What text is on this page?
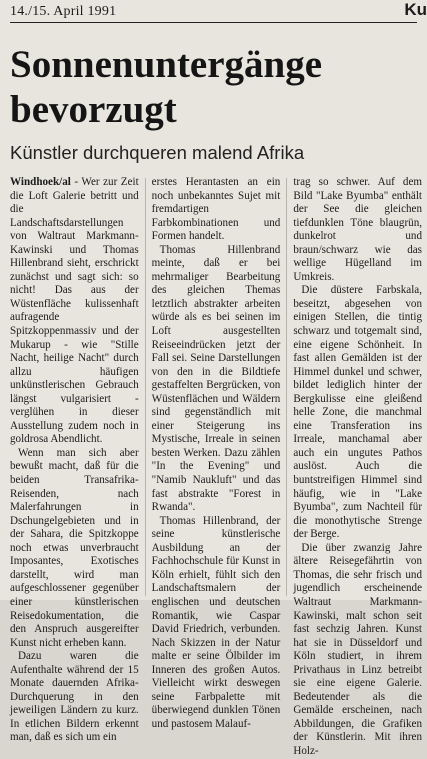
14./15. April 1991	Ku
Sonnenuntergänge
bevorzugt
Künstler durchqueren malend Afrika

Windhoek/al - Wer zur Zeit die Loft Galerie betritt und die Landschaftsdarstellungen von Waltraut Markmann-Kawinski und Thomas Hillenbrand sieht, erschrickt zunächst und sagt sich: so nicht! Das aus der Wüstenfläche kulissenhaft aufragende Spitzkoppenmassiv und der Mukarup - wie "Stille Nacht, heilige Nacht" durch allzu häufigen unkünstlerischen Gebrauch längst vulgarisiert - verglühen in dieser Ausstellung zudem noch in goldrosa Abendlicht.

Wenn man sich aber bewußt macht, daß für die beiden Transafrika-Reisenden, nach Malerfahrungen in Dschungelgebieten und in der Sahara, die Spitzkoppe noch etwas unverbraucht Imposantes, Exotisches darstellt, wird man aufgeschlossener gegenüber einer künstlerischen Reisedokumentation, die den Anspruch ausgereifter Kunst nicht erheben kann.

Dazu waren die Aufenthalte während der 15 Monate dauernden Afrika-Durchquerung in den jeweiligen Ländern zu kurz. In etlichen Bildern erkennt man, daß es sich um ein

erstes Herantasten an ein noch unbekanntes Sujet mit fremdartigen Farbkombinationen und Formen handelt.

Thomas Hillenbrand meinte, daß er bei mehrmaliger Bearbeitung des gleichen Themas letztlich abstrakter arbeiten würde als es bei seinen im Loft ausgestellten Reiseeindrücken jetzt der Fall sei. Seine Darstellungen von den in die Bildtiefe gestaffelten Bergrücken, von Wüstenflächen und Wäldern sind gegenständlich mit einer Steigerung ins Mystische, Irreale in seinen besten Werken. Dazu zählen "In the Evening" und "Namib Naukluft" und das fast abstrakte "Forest in Rwanda".

Thomas Hillenbrand, der seine künstlerische Ausbildung an der Fachhochschule für Kunst in Köln erhielt, fühlt sich den Landschaftsmalern der englischen und deutschen Romantik, wie Caspar David Friedrich, verbunden. Nach Skizzen in der Natur malte er seine Ölbilder im Inneren des großen Autos. Vielleicht wirkt deswegen seine Farbpalette mit überwiegend dunklen Tönen und pastosem Malauf-

trag so schwer. Auf dem Bild "Lake Byumba" enthält der See die gleichen tiefdunklen Töne blaugrün, dunkelrot und braun/schwarz wie das wellige Hügelland im Umkreis.

Die düstere Farbskala, beseitzt, abgesehen von einigen Stellen, die tintig schwarz und totgemalt sind, eine eigene Schönheit. In fast allen Gemälden ist der Himmel dunkel und schwer, bildet lediglich hinter der Bergkulisse eine gleißend helle Zone, die manchmal eine Transferation ins Irreale, manchamal aber auch ein ungutes Pathos auslöst. Auch die buntstreifigen Himmel sind häufig, wie in "Lake Byumba", zum Nachteil für die monothytische Strenge der Berge.

Die über zwanzig Jahre ältere Reisegefährtin von Thomas, die sehr frisch und jugendlich erscheinende Waltraut Markmann-Kawinski, malt schon seit fast sechzig Jahren. Kunst hat sie in Düsseldorf und Köln studiert, in ihrem Privathaus in Linz betreibt sie eine eigene Galerie. Bedeutender als die Gemälde erscheinen, nach Abbildungen, die Grafiken der Künstlerin. Mit ihren Holz-
